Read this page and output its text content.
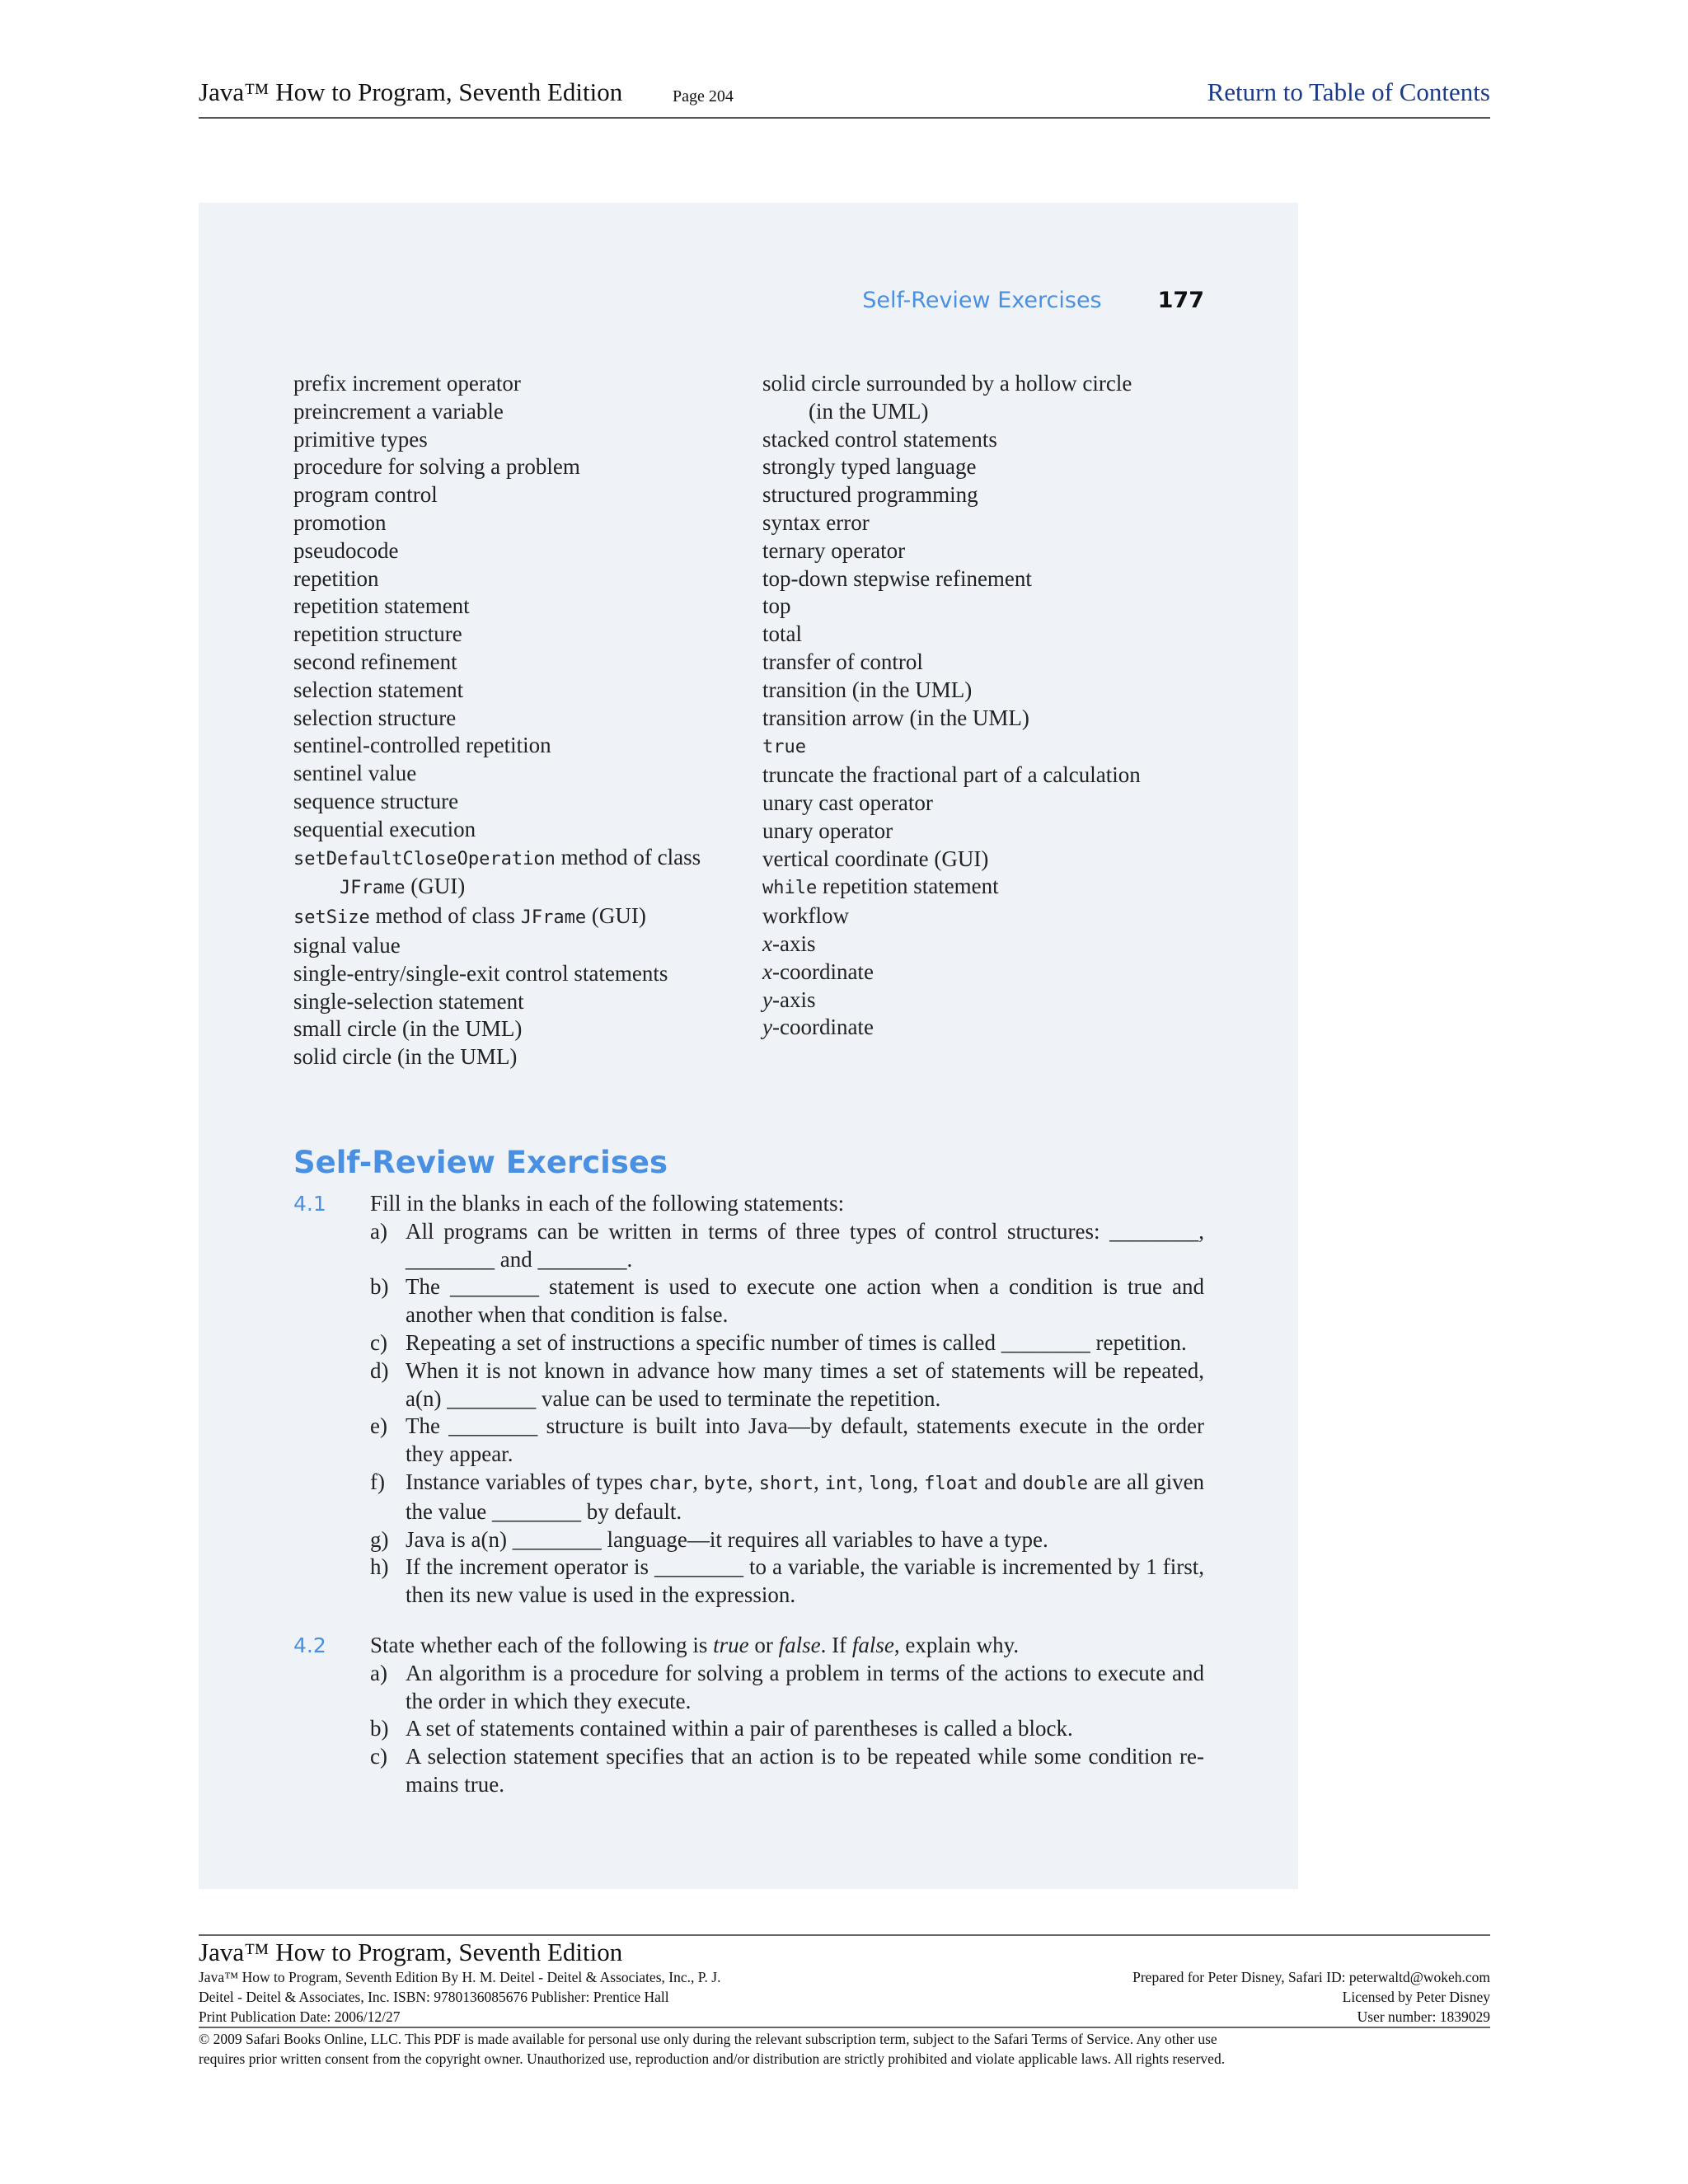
Java™ How to Program, Seventh Edition	Page 204	Return to Table of Contents
Self-Review Exercises	177
prefix increment operator
preincrement a variable
primitive types
procedure for solving a problem
program control
promotion
pseudocode
repetition
repetition statement
repetition structure
second refinement
selection statement
selection structure
sentinel-controlled repetition
sentinel value
sequence structure
sequential execution
setDefaultCloseOperation method of class
JFrame (GUI)
setSize method of class JFrame (GUI)
signal value
single-entry/single-exit control statements
single-selection statement
small circle (in the UML)
solid circle (in the UML)
solid circle surrounded by a hollow circle
(in the UML)
stacked control statements
strongly typed language
structured programming
syntax error
ternary operator
top-down stepwise refinement
top
total
transfer of control
transition (in the UML)
transition arrow (in the UML)
true
truncate the fractional part of a calculation
unary cast operator
unary operator
vertical coordinate (GUI)
while repetition statement
workflow
x-axis
x-coordinate
y-axis
y-coordinate
Self-Review Exercises
4.1 Fill in the blanks in each of the following statements:
a) All programs can be written in terms of three types of control structures: ________, ________ and ________.
b) The ________ statement is used to execute one action when a condition is true and another when that condition is false.
c) Repeating a set of instructions a specific number of times is called ________ repetition.
d) When it is not known in advance how many times a set of statements will be repeated, a(n) ________ value can be used to terminate the repetition.
e) The ________ structure is built into Java—by default, statements execute in the order they appear.
f) Instance variables of types char, byte, short, int, long, float and double are all given the value ________ by default.
g) Java is a(n) ________ language—it requires all variables to have a type.
h) If the increment operator is ________ to a variable, the variable is incremented by 1 first, then its new value is used in the expression.
4.2 State whether each of the following is true or false. If false, explain why.
a) An algorithm is a procedure for solving a problem in terms of the actions to execute and the order in which they execute.
b) A set of statements contained within a pair of parentheses is called a block.
c) A selection statement specifies that an action is to be repeated while some condition re-mains true.
Java™ How to Program, Seventh Edition
Java™ How to Program, Seventh Edition By H. M. Deitel - Deitel & Associates, Inc., P. J.
Deitel - Deitel & Associates, Inc. ISBN: 9780136085676 Publisher: Prentice Hall
Print Publication Date: 2006/12/27
Prepared for Peter Disney, Safari ID: peterwaltd@wokeh.com
Licensed by Peter Disney
User number: 1839029
© 2009 Safari Books Online, LLC. This PDF is made available for personal use only during the relevant subscription term, subject to the Safari Terms of Service. Any other use
requires prior written consent from the copyright owner. Unauthorized use, reproduction and/or distribution are strictly prohibited and violate applicable laws. All rights reserved.
